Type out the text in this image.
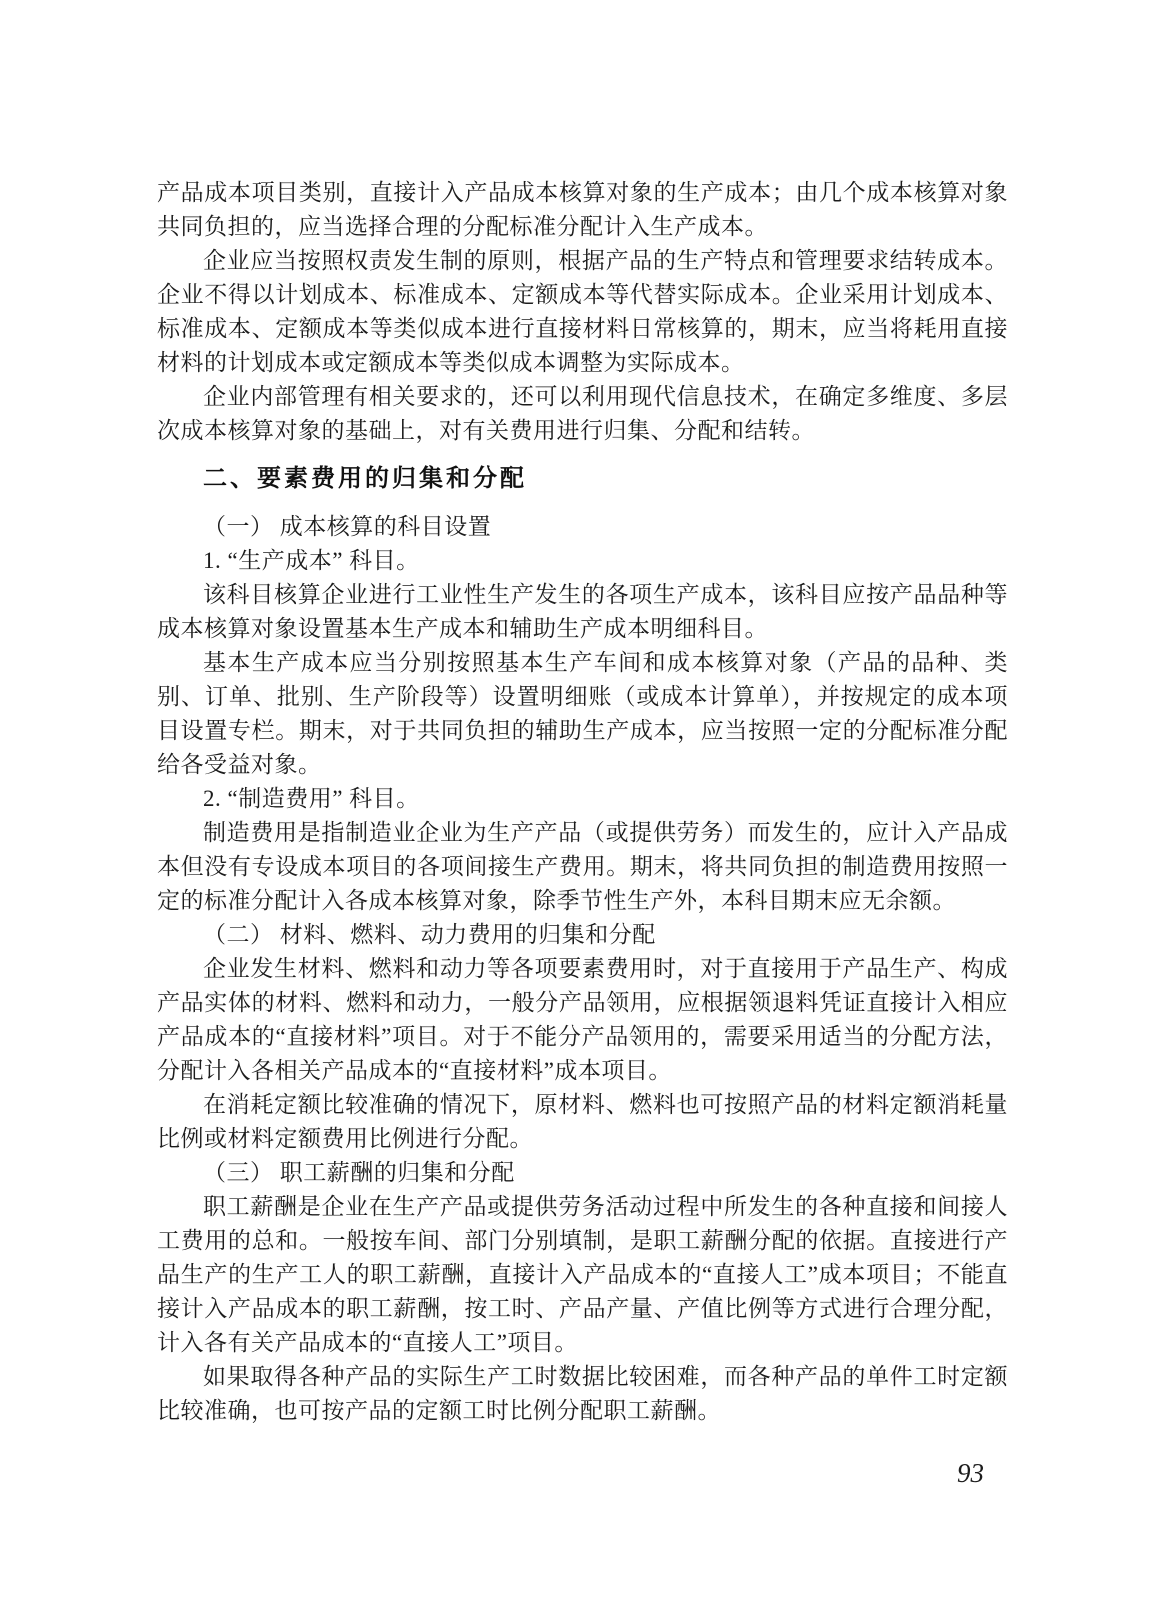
产品成本项目类别，直接计入产品成本核算对象的生产成本；由几个成本核算对象共同负担的，应当选择合理的分配标准分配计入生产成本。

企业应当按照权责发生制的原则，根据产品的生产特点和管理要求结转成本。企业不得以计划成本、标准成本、定额成本等代替实际成本。企业采用计划成本、标准成本、定额成本等类似成本进行直接材料日常核算的，期末，应当将耗用直接材料的计划成本或定额成本等类似成本调整为实际成本。

企业内部管理有相关要求的，还可以利用现代信息技术，在确定多维度、多层次成本核算对象的基础上，对有关费用进行归集、分配和结转。

二、要素费用的归集和分配

（一） 成本核算的科目设置

1. “生产成本” 科目。

该科目核算企业进行工业性生产发生的各项生产成本，该科目应按产品品种等成本核算对象设置基本生产成本和辅助生产成本明细科目。

基本生产成本应当分别按照基本生产车间和成本核算对象（产品的品种、类别、订单、批别、生产阶段等）设置明细账（或成本计算单），并按规定的成本项目设置专栏。期末，对于共同负担的辅助生产成本，应当按照一定的分配标准分配给各受益对象。

2. “制造费用” 科目。

制造费用是指制造业企业为生产产品（或提供劳务）而发生的，应计入产品成本但没有专设成本项目的各项间接生产费用。期末，将共同负担的制造费用按照一定的标准分配计入各成本核算对象，除季节性生产外，本科目期末应无余额。

（二） 材料、燃料、动力费用的归集和分配

企业发生材料、燃料和动力等各项要素费用时，对于直接用于产品生产、构成产品实体的材料、燃料和动力，一般分产品领用，应根据领退料凭证直接计入相应产品成本的“直接材料”项目。对于不能分产品领用的，需要采用适当的分配方法，分配计入各相关产品成本的“直接材料”成本项目。

在消耗定额比较准确的情况下，原材料、燃料也可按照产品的材料定额消耗量比例或材料定额费用比例进行分配。

（三） 职工薪酬的归集和分配

职工薪酬是企业在生产产品或提供劳务活动过程中所发生的各种直接和间接人工费用的总和。一般按车间、部门分别填制，是职工薪酬分配的依据。直接进行产品生产的生产工人的职工薪酬，直接计入产品成本的“直接人工”成本项目；不能直接计入产品成本的职工薪酬，按工时、产品产量、产值比例等方式进行合理分配，计入各有关产品成本的“直接人工”项目。

如果取得各种产品的实际生产工时数据比较困难，而各种产品的单件工时定额比较准确，也可按产品的定额工时比例分配职工薪酬。

93
